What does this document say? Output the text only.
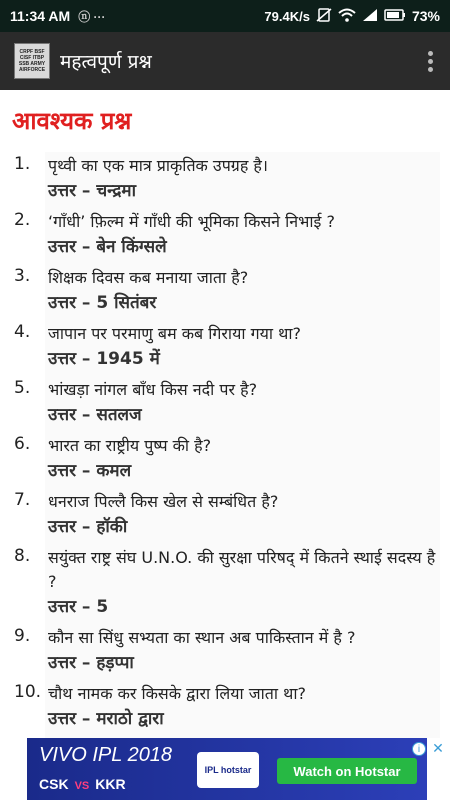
11:34 AM ⓝ ···	79.4K/s	73%
CRPF BSF
CISF ITBP
SSB ARMY
AIRFORCE महत्वपूर्ण प्रश्न
आवश्यक प्रश्न
1. पृथ्वी का एक मात्र प्राकृतिक उपग्रह है।
उत्तर – चन्द्रमा
2. ‘गाँधी’ फ़िल्म में गाँधी की भूमिका किसने निभाई ?
उत्तर – बेन किंग्सले
3. शिक्षक दिवस कब मनाया जाता है?
उत्तर – 5 सितंबर
4. जापान पर परमाणु बम कब गिराया गया था?
उत्तर – 1945 में
5. भांखड़ा नांगल बाँध किस नदी पर है?
उत्तर – सतलज
6. भारत का राष्ट्रीय पुष्प की है?
उत्तर – कमल
7. धनराज पिल्लै किस खेल से सम्बंधित है?
उत्तर – हॉकी
8. सयुंक्त राष्ट्र संघ U.N.O. की सुरक्षा परिषद् में कितने स्थाई सदस्य है ?
उत्तर – 5
9. कौन सा सिंधु सभ्यता का स्थान अब पाकिस्तान में है ?
उत्तर – हड़प्पा
10. चौथ नामक कर किसके द्वारा लिया जाता था?
उत्तर – मराठो द्वारा
VIVO IPL 2018
CSK VS KKR
IPL hotstar	Watch on Hotstar
i ✕
